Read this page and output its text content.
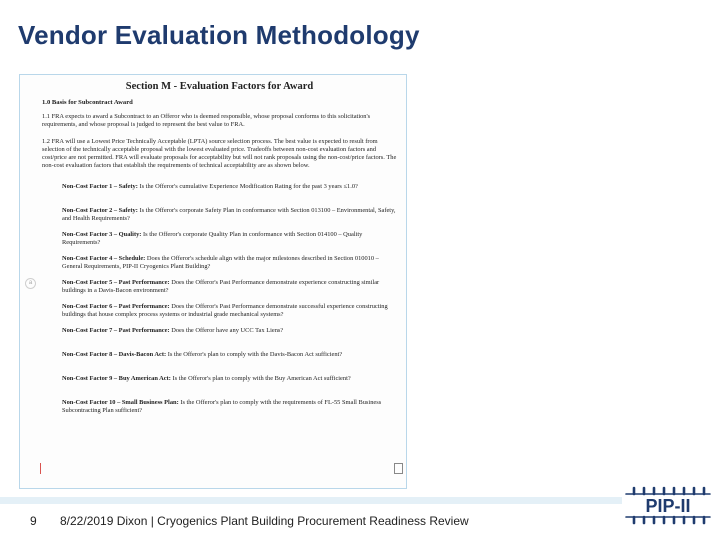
Vendor Evaluation Methodology
a
Section M - Evaluation Factors for Award
1.0 Basis for Subcontract Award
1.1 FRA expects to award a Subcontract to an Offeror who is deemed responsible, whose proposal conforms to this solicitation's requirements, and whose proposal is judged to represent the best value to FRA.
1.2 FRA will use a Lowest Price Technically Acceptable (LPTA) source selection process. The best value is expected to result from selection of the technically acceptable proposal with the lowest evaluated price. Tradeoffs between non-cost evaluation factors and cost/price are not permitted. FRA will evaluate proposals for acceptability but will not rank proposals using the non-cost/price factors. The non-cost evaluation factors that establish the requirements of technical acceptability are as shown below.
Non-Cost Factor 1 – Safety: Is the Offeror's cumulative Experience Modification Rating for the past 3 years ≤1.0?
Non-Cost Factor 2 – Safety: Is the Offeror's corporate Safety Plan in conformance with Section 013100 – Environmental, Safety, and Health Requirements?
Non-Cost Factor 3 – Quality: Is the Offeror's corporate Quality Plan in conformance with Section 014100 – Quality Requirements?
Non-Cost Factor 4 – Schedule: Does the Offeror's schedule align with the major milestones described in Section 010010 – General Requirements, PIP-II Cryogenics Plant Building?
Non-Cost Factor 5 – Past Performance: Does the Offeror's Past Performance demonstrate experience constructing similar buildings in a Davis-Bacon environment?
Non-Cost Factor 6 – Past Performance: Does the Offeror's Past Performance demonstrate successful experience constructing buildings that house complex process systems or industrial grade mechanical systems?
Non-Cost Factor 7 – Past Performance: Does the Offeror have any UCC Tax Liens?
Non-Cost Factor 8 – Davis-Bacon Act: Is the Offeror's plan to comply with the Davis-Bacon Act sufficient?
Non-Cost Factor 9 – Buy American Act: Is the Offeror's plan to comply with the Buy American Act sufficient?
Non-Cost Factor 10 – Small Business Plan: Is the Offeror's plan to comply with the requirements of FL-55 Small Business Subcontracting Plan sufficient?
9 8/22/2019 Dixon | Cryogenics Plant Building Procurement Readiness Review
PIP-II
